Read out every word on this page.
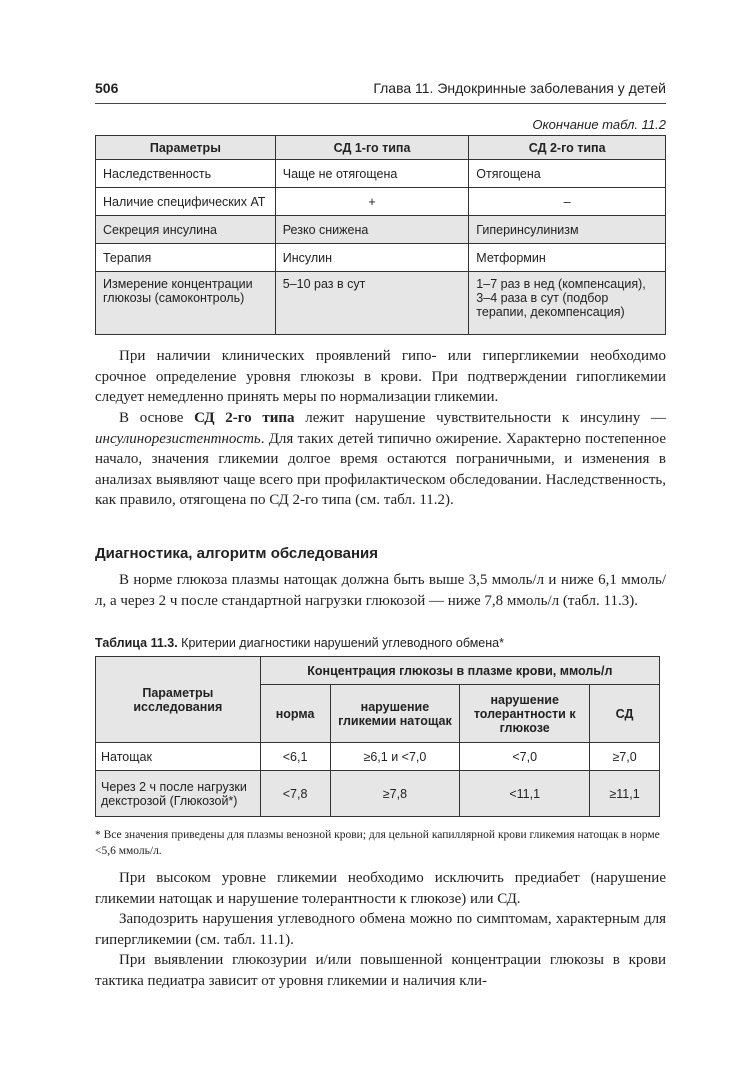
506	Глава 11. Эндокринные заболевания у детей
Окончание табл. 11.2
Параметры	СД 1-го типа	СД 2-го типа
Наследственность	Чаще не отягощена	Отягощена
Наличие специфических АТ	+	–
Секреция инсулина	Резко снижена	Гиперинсулинизм
Терапия	Инсулин	Метформин
Измерение концентрации глюкозы (самоконтроль)	5–10 раз в сут	1–7 раз в нед (компенсация), 3–4 раза в сут (подбор терапии, декомпенсация)

При наличии клинических проявлений гипо- или гипергликемии необходимо срочное определение уровня глюкозы в крови. При подтверждении гипогликемии следует немедленно принять меры по нормализации гликемии.

В основе СД 2-го типа лежит нарушение чувствительности к инсулину — инсулинорезистентность. Для таких детей типично ожирение. Характерно постепенное начало, значения гликемии долгое время остаются пограничными, и изменения в анализах выявляют чаще всего при профилактическом обследовании. Наследственность, как правило, отягощена по СД 2-го типа (см. табл. 11.2).

Диагностика, алгоритм обследования

В норме глюкоза плазмы натощак должна быть выше 3,5 ммоль/л и ниже 6,1 ммоль/л, а через 2 ч после стандартной нагрузки глюкозой — ниже 7,8 ммоль/л (табл. 11.3).

Таблица 11.3. Критерии диагностики нарушений углеводного обмена*
Параметры исследования	Концентрация глюкозы в плазме крови, ммоль/л			
	норма	нарушение гликемии натощак	нарушение толерантности к глюкозе	СД
Натощак	<6,1	≥6,1 и <7,0	<7,0	≥7,0
Через 2 ч после нагрузки декстрозой (Глюкозой*)	<7,8	≥7,8	<11,1	≥11,1
* Все значения приведены для плазмы венозной крови; для цельной капиллярной крови гликемия натощак в норме <5,6 ммоль/л.

При высоком уровне гликемии необходимо исключить предиабет (нарушение гликемии натощак и нарушение толерантности к глюкозе) или СД.

Заподозрить нарушения углеводного обмена можно по симптомам, характерным для гипергликемии (см. табл. 11.1).

При выявлении глюкозурии и/или повышенной концентрации глюкозы в крови тактика педиатра зависит от уровня гликемии и наличия кли-
